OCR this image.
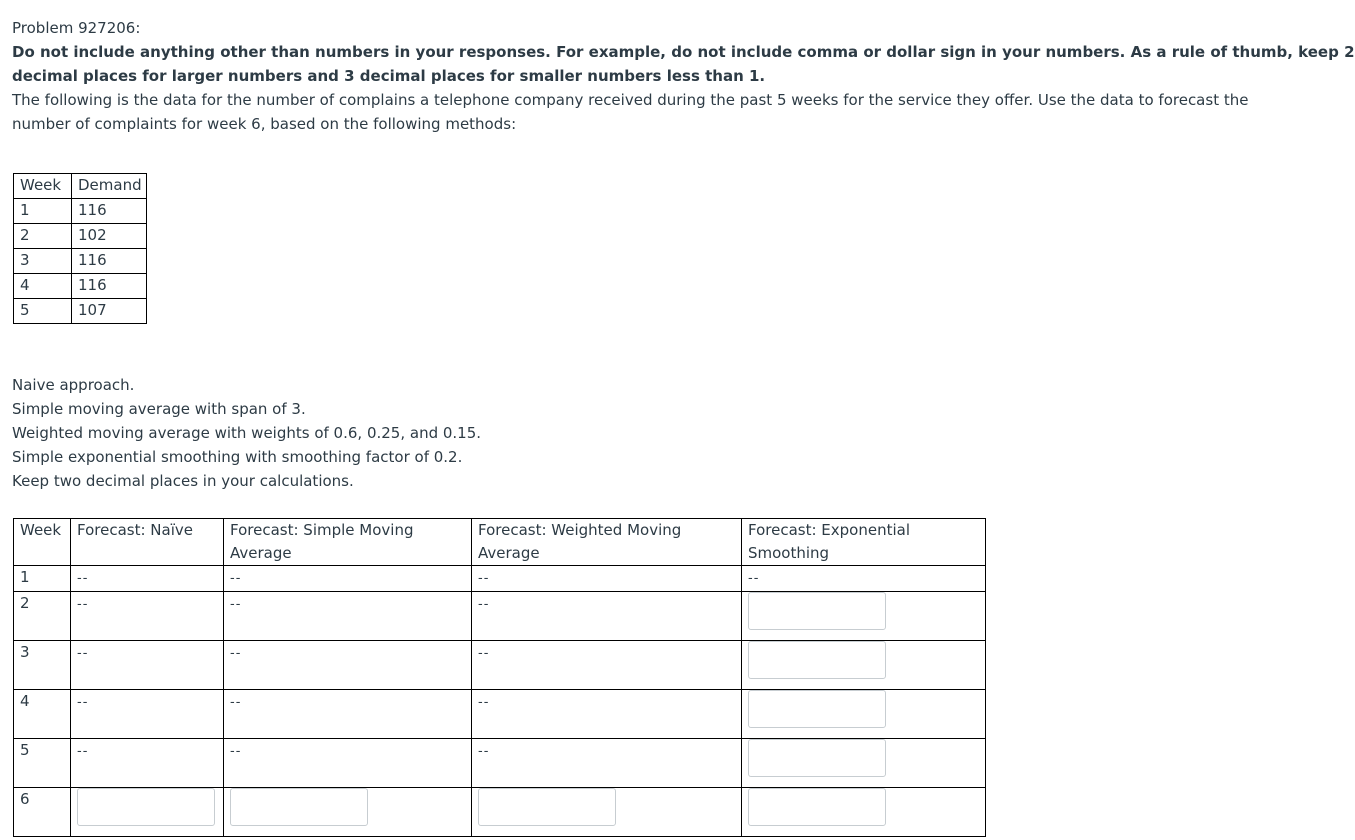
Problem 927206:
Do not include anything other than numbers in your responses. For example, do not include comma or dollar sign in your numbers. As a rule of thumb, keep 2
decimal places for larger numbers and 3 decimal places for smaller numbers less than 1.
The following is the data for the number of complains a telephone company received during the past 5 weeks for the service they offer. Use the data to forecast the
number of complaints for week 6, based on the following methods:
Week	Demand
1	116
2	102
3	116
4	116
5	107
Naive approach.
Simple moving average with span of 3.
Weighted moving average with weights of 0.6, 0.25, and 0.15.
Simple exponential smoothing with smoothing factor of 0.2.
Keep two decimal places in your calculations.
Week	Forecast: Naïve	Forecast: Simple Moving Average	Forecast: Weighted Moving Average	Forecast: Exponential Smoothing
1	--	--	--	--
2	--	--	--	

3	--	--	--	

4	--	--	--	

5	--	--	--	

6	
